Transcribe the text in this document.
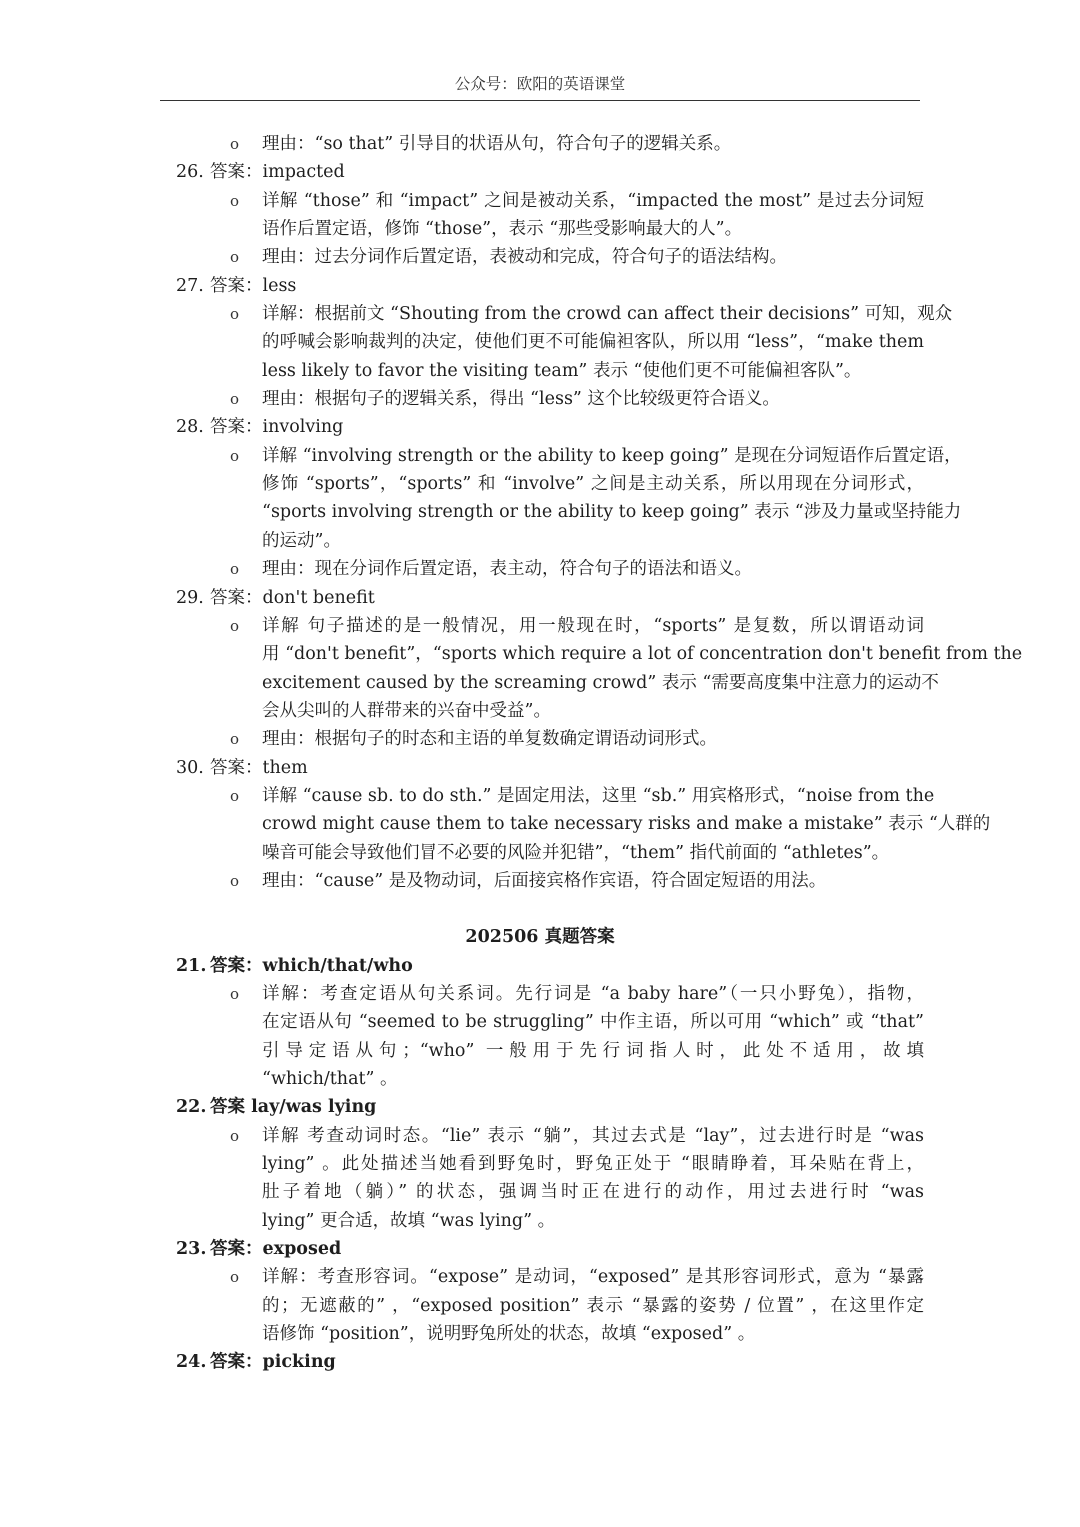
公众号：欧阳的英语课堂
o 理由：“so that” 引导目的状语从句，符合句子的逻辑关系。
26. 答案：impacted
o 详解 “those” 和 “impact” 之间是被动关系，“impacted the most” 是过去分词短
语作后置定语，修饰 “those”，表示 “那些受影响最大的人”。
o 理由：过去分词作后置定语，表被动和完成，符合句子的语法结构。
27. 答案：less
o 详解：根据前文 “Shouting from the crowd can affect their decisions” 可知，观众
的呼喊会影响裁判的决定，使他们更不可能偏袒客队，所以用 “less”，“make them
less likely to favor the visiting team” 表示 “使他们更不可能偏袒客队”。
o 理由：根据句子的逻辑关系，得出 “less” 这个比较级更符合语义。
28. 答案：involving
o 详解 “involving strength or the ability to keep going” 是现在分词短语作后置定语，
修饰 “sports”，“sports” 和 “involve” 之间是主动关系，所以用现在分词形式，
“sports involving strength or the ability to keep going” 表示 “涉及力量或坚持能力
的运动”。
o 理由：现在分词作后置定语，表主动，符合句子的语法和语义。
29. 答案：don't benefit
o 详解 句子描述的是一般情况，用一般现在时，“sports” 是复数，所以谓语动词
用 “don't benefit”，“sports which require a lot of concentration don't benefit from the
excitement caused by the screaming crowd” 表示 “需要高度集中注意力的运动不
会从尖叫的人群带来的兴奋中受益”。
o 理由：根据句子的时态和主语的单复数确定谓语动词形式。
30. 答案：them
o 详解 “cause sb. to do sth.” 是固定用法，这里 “sb.” 用宾格形式，“noise from the
crowd might cause them to take necessary risks and make a mistake” 表示 “人群的
噪音可能会导致他们冒不必要的风险并犯错”，“them” 指代前面的 “athletes”。
o 理由：“cause” 是及物动词，后面接宾格作宾语，符合固定短语的用法。
202506 真题答案
21. 答案：which/that/who
o 详解：考查定语从句关系词。先行词是 “a baby hare”（一只小野兔），指物，
在定语从句 “seemed to be struggling” 中作主语，所以可用 “which” 或 “that”
引导定语从句；“who” 一般用于先行词指人时，此处不适用，故填
“which/that” 。
22. 答案 lay/was lying
o 详解 考查动词时态。“lie” 表示 “躺”，其过去式是 “lay”，过去进行时是 “was
lying” 。此处描述当她看到野兔时，野兔正处于 “眼睛睁着，耳朵贴在背上，
肚子着地（躺）” 的状态，强调当时正在进行的动作，用过去进行时 “was
lying” 更合适，故填 “was lying” 。
23. 答案：exposed
o 详解：考查形容词。“expose” 是动词，“exposed” 是其形容词形式，意为 “暴露
的；无遮蔽的” ，“exposed position” 表示 “暴露的姿势 / 位置” ，在这里作定
语修饰 “position”，说明野兔所处的状态，故填 “exposed” 。
24. 答案：picking
